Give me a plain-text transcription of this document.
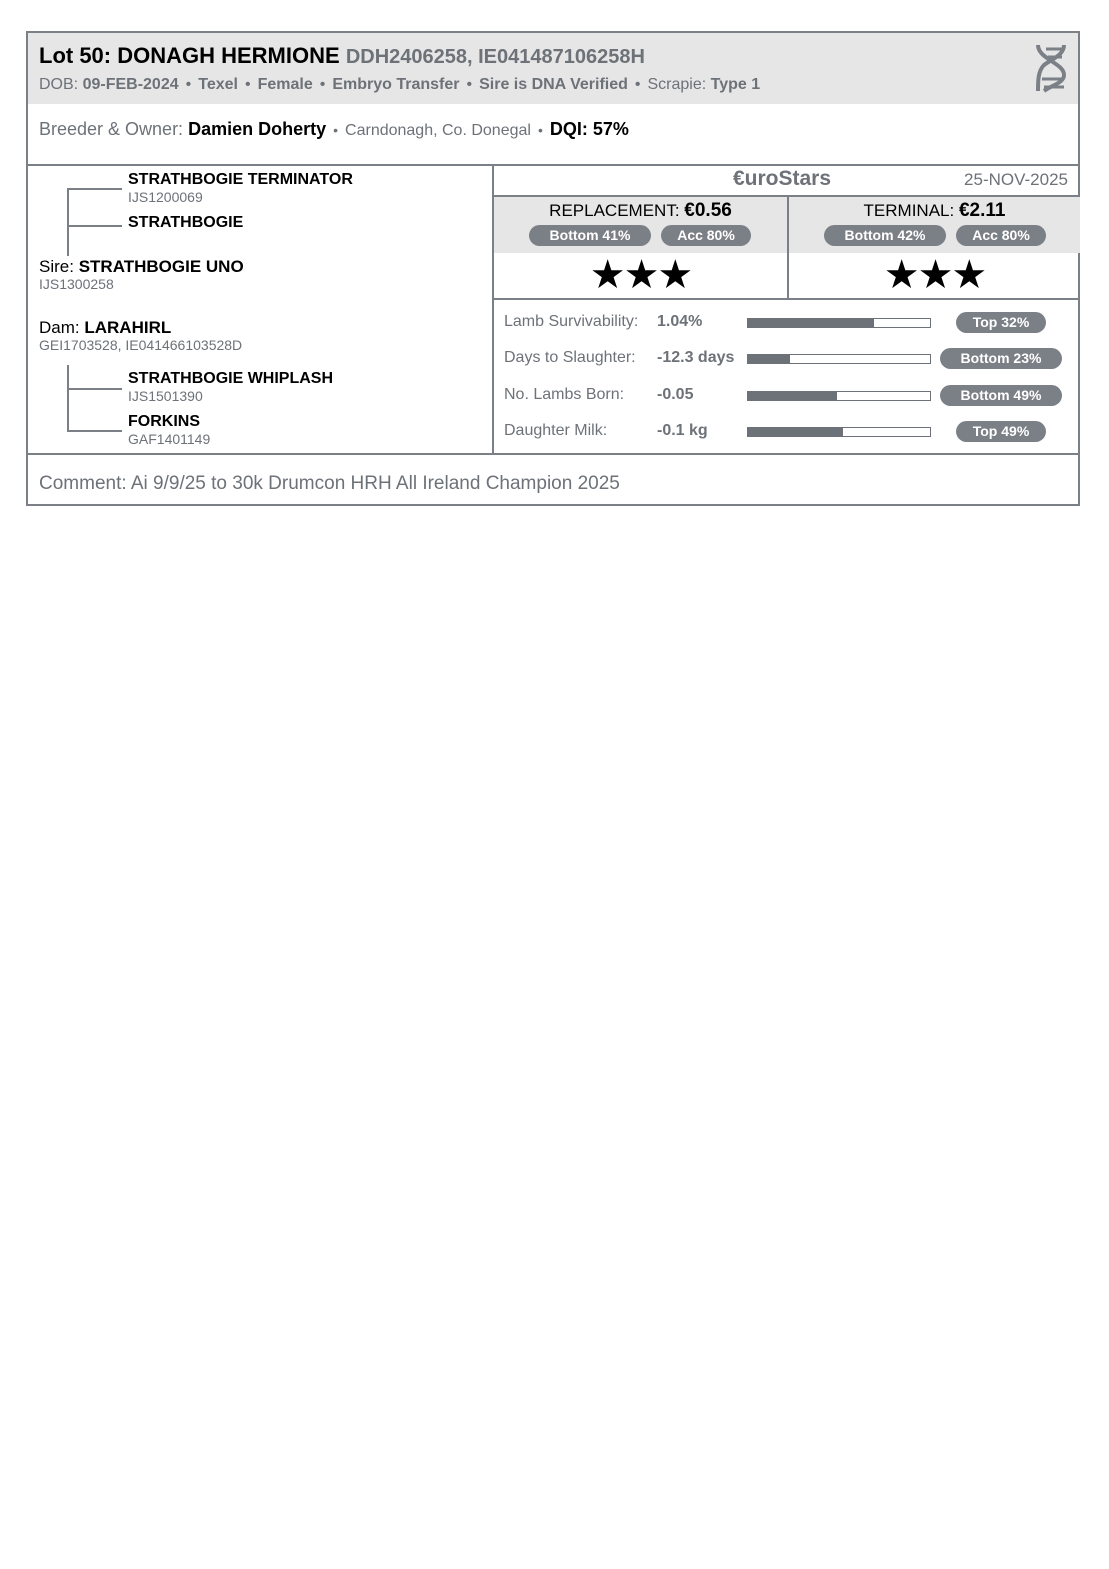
Lot 50: DONAGH HERMIONE DDH2406258, IE041487106258H
DOB: 09-FEB-2024 • Texel • Female • Embryo Transfer • Sire is DNA Verified • Scrapie: Type 1
Breeder & Owner: Damien Doherty • Carndonagh, Co. Donegal • DQI: 57%
STRATHBOGIE TERMINATOR
IJS1200069
STRATHBOGIE
Sire: STRATHBOGIE UNO
IJS1300258
Dam: LARAHIRL
GEI1703528, IE041466103528D
STRATHBOGIE WHIPLASH
IJS1501390
FORKINS
GAF1401149
€uroStars	25-NOV-2025
REPLACEMENT: €0.56
Bottom 41%	Acc 80%
★★★
TERMINAL: €2.11
Bottom 42%	Acc 80%
★★★
Lamb Survivability: 1.04%	Top 32%
Days to Slaughter: -12.3 days	Bottom 23%
No. Lambs Born: -0.05	Bottom 49%
Daughter Milk:	-0.1 kg	Top 49%
Comment: Ai 9/9/25 to 30k Drumcon HRH All Ireland Champion 2025
